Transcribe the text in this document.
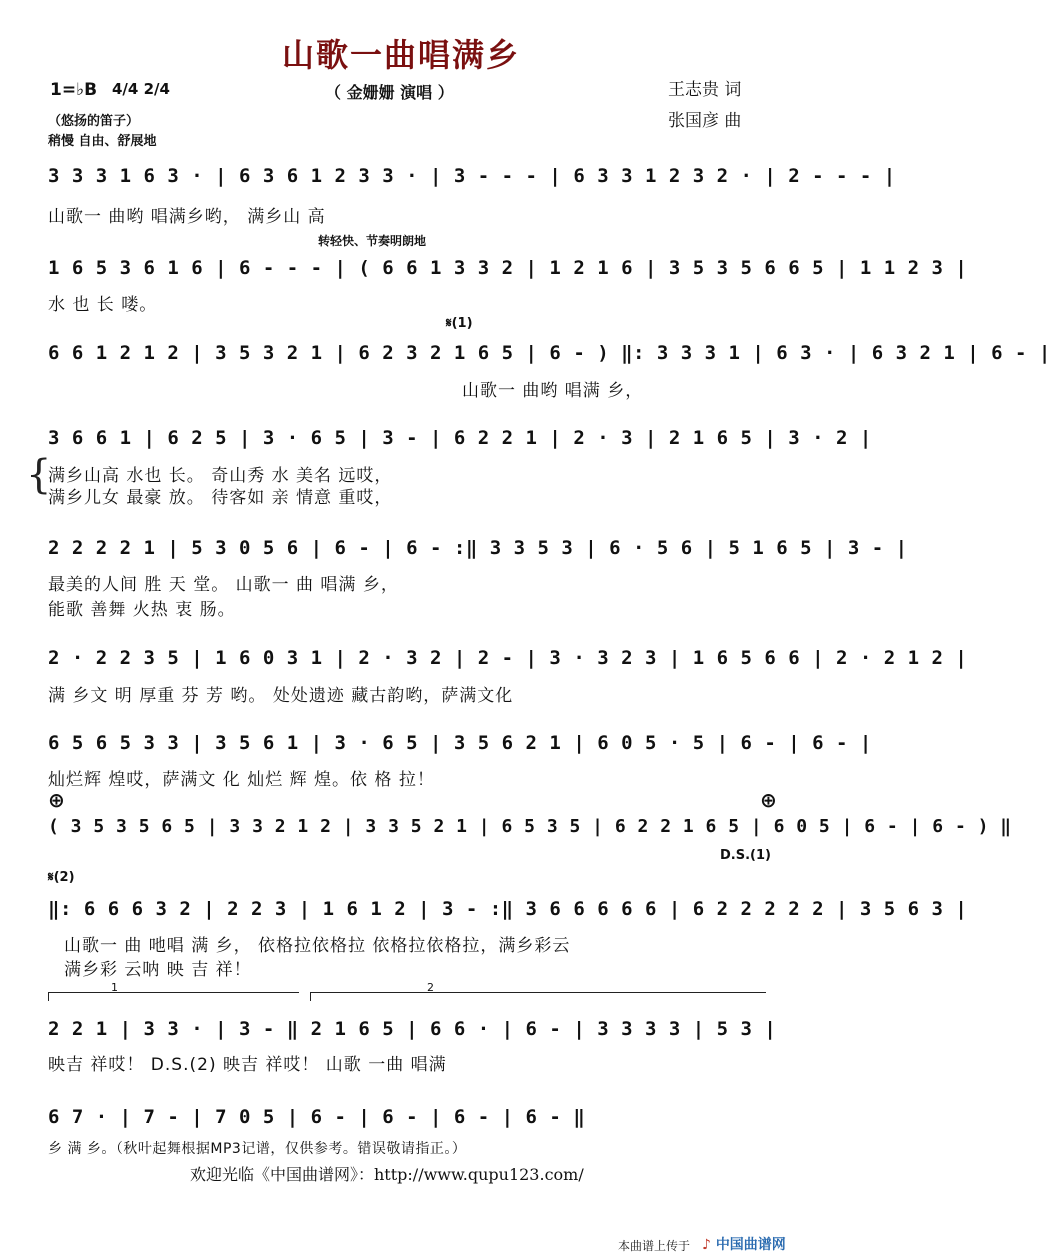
山歌一曲唱满乡
1=♭B 4/4 2/4	（ 金姗姗 演唱 ）	王志贵 词
张国彦 曲
（悠扬的笛子）
稍慢 自由、舒展地
3 3 3 1 6 3 · | 6 3 6 1 2 3 3 · | 3 - - - | 6 3 3 1 2 3 2 · | 2 - - - |
山歌一 曲哟 唱满乡哟， 满乡山 高
转轻快、节奏明朗地
1 6 5 3 6 1 6 | 6 - - - | ( 6 6 1 3 3 2 | 1 2 1 6 | 3 5 3 5 6 6 5 | 1 1 2 3 |
水 也 长 喽。
𝄋(1)
6 6 1 2 1 2 | 3 5 3 2 1 | 6 2 3 2 1 6 5 | 6 - ) ‖: 3 3 3 1 | 6 3 · | 6 3 2 1 | 6 - |
山歌一 曲哟 唱满 乡，
3 6 6 1 | 6 2 5 | 3 · 6 5 | 3 - | 6 2 2 1 | 2 · 3 | 2 1 6 5 | 3 · 2 |
{
满乡山高 水也 长。 奇山秀 水 美名 远哎，
满乡儿女 最豪 放。 待客如 亲 情意 重哎，
2 2 2 2 1 | 5 3 0 5 6 | 6 - | 6 - :‖ 3 3 5 3 | 6 · 5 6 | 5 1 6 5 | 3 - |
最美的人间 胜 天 堂。 山歌一 曲 唱满 乡，
能歌 善舞 火热 衷 肠。
2 · 2 2 3 5 | 1 6 0 3 1 | 2 · 3 2 | 2 - | 3 · 3 2 3 | 1 6 5 6 6 | 2 · 2 1 2 |
满 乡文 明 厚重 芬 芳 哟。 处处遗迹 藏古韵哟，萨满文化
6 5 6 5 3 3 | 3 5 6 1 | 3 · 6 5 | 3 5 6 2 1 | 6 0 5 · 5 | 6 - | 6 - |
灿烂辉 煌哎，萨满文 化 灿烂 辉 煌。依 格 拉！
⊕	⊕
( 3 5 3 5 6 5 | 3 3 2 1 2 | 3 3 5 2 1 | 6 5 3 5 | 6 2 2 1 6 5 | 6 0 5 | 6 - | 6 - ) ‖
D.S.(1)
𝄋(2)
‖: 6 6 6 3 2 | 2 2 3 | 1 6 1 2 | 3 - :‖ 3 6 6 6 6 6 | 6 2 2 2 2 2 | 3 5 6 3 |
山歌一 曲 吔唱 满 乡， 依格拉依格拉 依格拉依格拉，满乡彩云
满乡彩 云呐 映 吉 祥！
1	2
2 2 1 | 3 3 · | 3 - ‖ 2 1 6 5 | 6 6 · | 6 - | 3 3 3 3 | 5 3 |
映吉 祥哎！ D.S.(2) 映吉 祥哎！ 山歌 一曲 唱满
6 7 · | 7 - | 7 0 5 | 6 - | 6 - | 6 - | 6 - ‖
乡 满 乡。（秋叶起舞根据MP3记谱，仅供参考。错误敬请指正。）
欢迎光临《中国曲谱网》：http://www.qupu123.com/
本曲谱上传于 ♪ 中国曲谱网
